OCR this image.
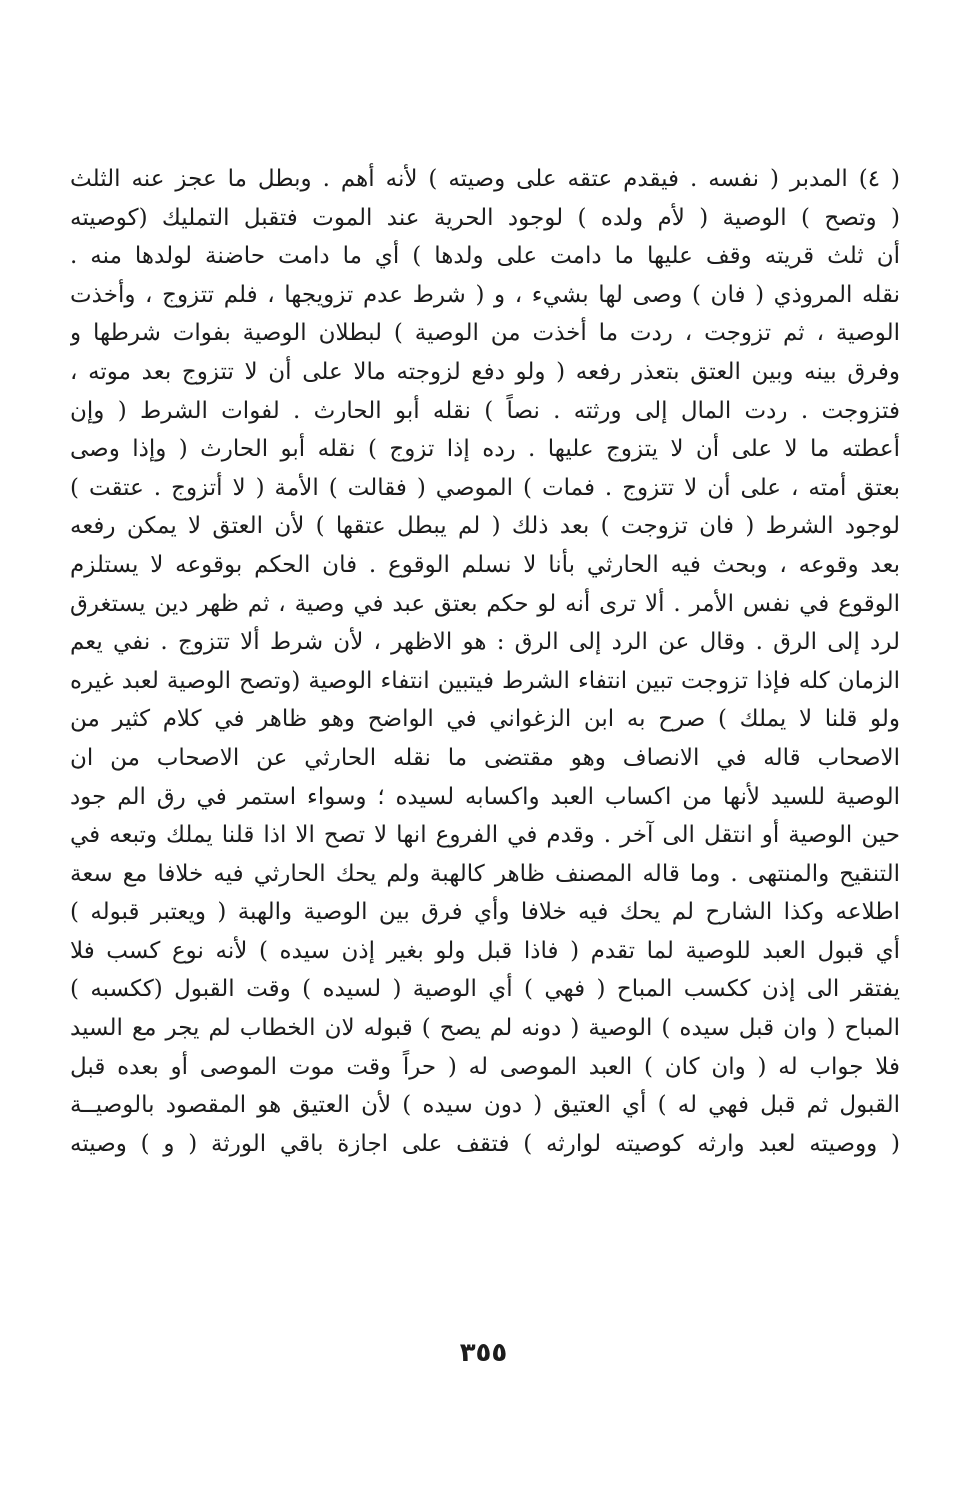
( ٤) المدبر ( نفسه . فيقدم عتقه على وصيته ) لأنه أهم . وبطل ما عجز عنه الثلث
( وتصح ) الوصية ( لأم ولده ) لوجود الحرية عند الموت فتقبل التمليك (كوصيته
أن ثلث قريته وقف عليها ما دامت على ولدها ) أي ما دامت حاضنة لولدها منه .
نقله المروذي ( فان ) وصى لها بشيء ، و ( شرط عدم تزويجها ، فلم تتزوج ، وأخذت
الوصية ، ثم تزوجت ، ردت ما أخذت من الوصية ) لبطلان الوصية بفوات شرطها و
وفرق بينه وبين العتق بتعذر رفعه ( ولو دفع لزوجته مالا على أن لا تتزوج بعد موته ،
فتزوجت . ردت المال إلى ورثته . نصاً ) نقله أبو الحارث . لفوات الشرط ( وإن
أعطته ما لا على أن لا يتزوج عليها . رده إذا تزوج ) نقله أبو الحارث ( وإذا وصى
بعتق أمته ، على أن لا تتزوج . فمات ) الموصي ( فقالت ) الأمة ( لا أتزوج . عتقت )
لوجود الشرط ( فان تزوجت ) بعد ذلك ( لم يبطل عتقها ) لأن العتق لا يمكن رفعه
بعد وقوعه ، وبحث فيه الحارثي بأنا لا نسلم الوقوع . فان الحكم بوقوعه لا يستلزم
الوقوع في نفس الأمر . ألا ترى أنه لو حكم بعتق عبد في وصية ، ثم ظهر دين يستغرق
لرد إلى الرق . وقال عن الرد إلى الرق : هو الاظهر ، لأن شرط ألا تتزوج . نفي يعم
الزمان كله فإذا تزوجت تبين انتفاء الشرط فيتبين انتفاء الوصية (وتصح الوصية لعبد غيره
ولو قلنا لا يملك ) صرح به ابن الزغواني في الواضح وهو ظاهر في كلام كثير من
الاصحاب قاله في الانصاف وهو مقتضى ما نقله الحارثي عن الاصحاب من ان
الوصية للسيد لأنها من اكساب العبد واكسابه لسيده ؛ وسواء استمر في رق الم جود
حين الوصية أو انتقل الى آخر . وقدم في الفروع انها لا تصح الا اذا قلنا يملك وتبعه في
التنقيح والمنتهى . وما قاله المصنف ظاهر كالهبة ولم يحك الحارثي فيه خلافا مع سعة
اطلاعه وكذا الشارح لم يحك فيه خلافا وأي فرق بين الوصية والهبة ( ويعتبر قبوله )
أي قبول العبد للوصية لما تقدم ( فاذا قبل ولو بغير إذن سيده ) لأنه نوع كسب فلا
يفتقر الى إذن ككسب المباح ( فهي ) أي الوصية ( لسيده ) وقت القبول (ككسبه )
المباح ( وان قبل سيده ) الوصية ( دونه لم يصح ) قبوله لان الخطاب لم يجر مع السيد
فلا جواب له ( وان كان ) العبد الموصى له ( حراً وقت موت الموصى أو بعده قبل
القبول ثم قبل فهي له ) أي العتيق ( دون سيده ) لأن العتيق هو المقصود بالوصيــة
( ووصيته لعبد وارثه كوصيته لوارثه ) فتقف على اجازة باقي الورثة ( و ) وصيته
٣٥٥
